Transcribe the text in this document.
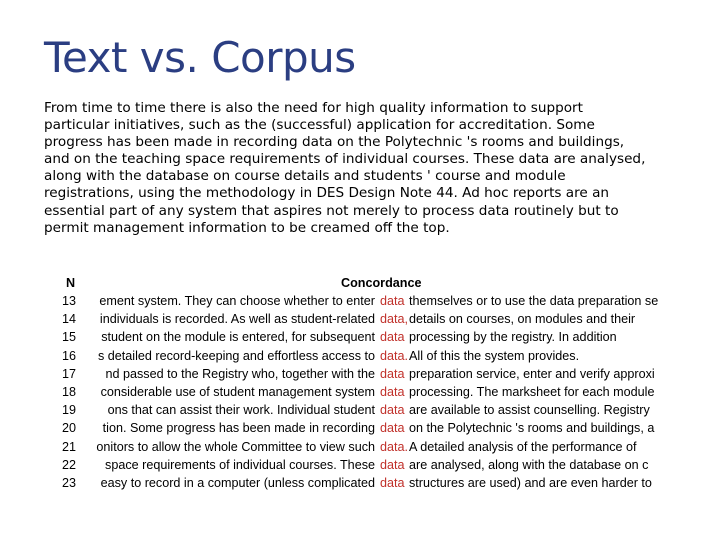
Text vs. Corpus
From time to time there is also the need for high quality information to support
particular initiatives, such as the (successful) application for accreditation. Some
progress has been made in recording data on the Polytechnic 's rooms and buildings,
and on the teaching space requirements of individual courses. These data are analysed,
along with the database on course details and students ' course and module
registrations, using the methodology in DES Design Note 44. Ad hoc reports are an
essential part of any system that aspires not merely to process data routinely but to
permit management information to be creamed off the top.
N	Concordance
13	ement system. They can choose whether to enter data themselves or to use the data preparation se
14	individuals is recorded. As well as student-related data, details on courses, on modules and their
15	student on the module is entered, for subsequent data processing by the registry. In addition
16	s detailed record-keeping and effortless access to data. All of this the system provides.
17	nd passed to the Registry who, together with the data preparation service, enter and verify approxi
18	considerable use of student management system data processing. The marksheet for each module
19	ons that can assist their work. Individual student data are available to assist counselling. Registry
20	tion. Some progress has been made in recording data on the Polytechnic 's rooms and buildings, a
21	onitors to allow the whole Committee to view such data. A detailed analysis of the performance of
22	space requirements of individual courses. These data are analysed, along with the database on c
23	easy to record in a computer (unless complicated data structures are used) and are even harder to
